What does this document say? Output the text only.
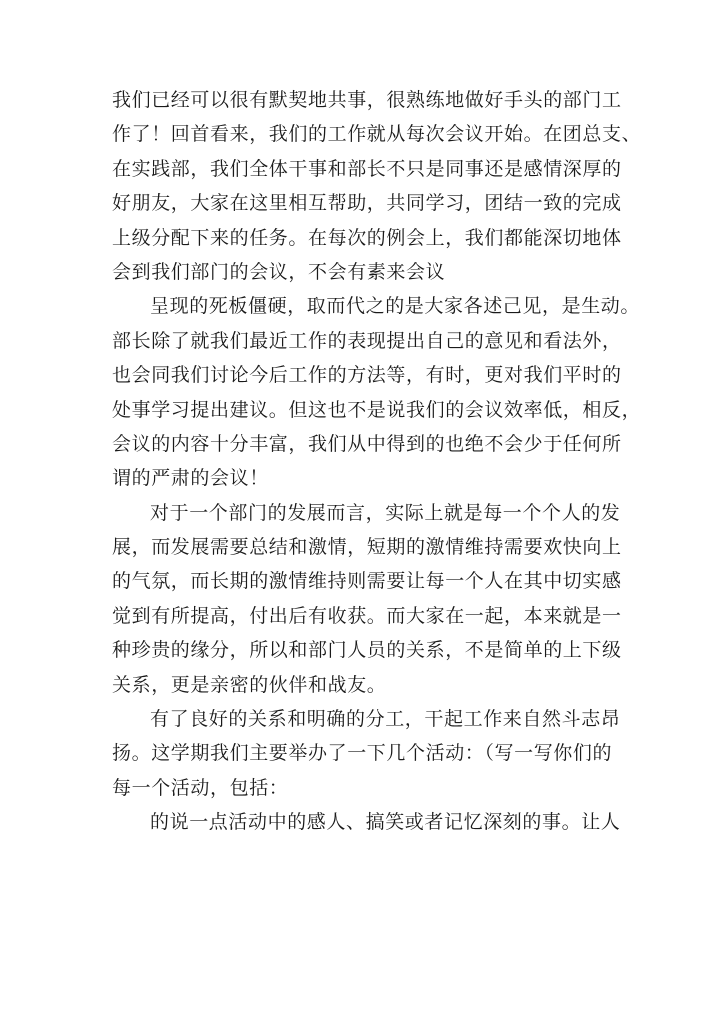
我们已经可以很有默契地共事，很熟练地做好手头的部门工
作了！回首看来，我们的工作就从每次会议开始。在团总支、
在实践部，我们全体干事和部长不只是同事还是感情深厚的
好朋友，大家在这里相互帮助，共同学习，团结一致的完成
上级分配下来的任务。在每次的例会上，我们都能深切地体
会到我们部门的会议，不会有素来会议
呈现的死板僵硬，取而代之的是大家各述己见，是生动。
部长除了就我们最近工作的表现提出自己的意见和看法外，
也会同我们讨论今后工作的方法等，有时，更对我们平时的
处事学习提出建议。但这也不是说我们的会议效率低，相反，
会议的内容十分丰富，我们从中得到的也绝不会少于任何所
谓的严肃的会议！
对于一个部门的发展而言，实际上就是每一个个人的发
展，而发展需要总结和激情，短期的激情维持需要欢快向上
的气氛，而长期的激情维持则需要让每一个人在其中切实感
觉到有所提高，付出后有收获。而大家在一起，本来就是一
种珍贵的缘分，所以和部门人员的关系，不是简单的上下级
关系，更是亲密的伙伴和战友。
有了良好的关系和明确的分工，干起工作来自然斗志昂
扬。这学期我们主要举办了一下几个活动：（写一写你们的
每一个活动，包括：
的说一点活动中的感人、搞笑或者记忆深刻的事。让人
